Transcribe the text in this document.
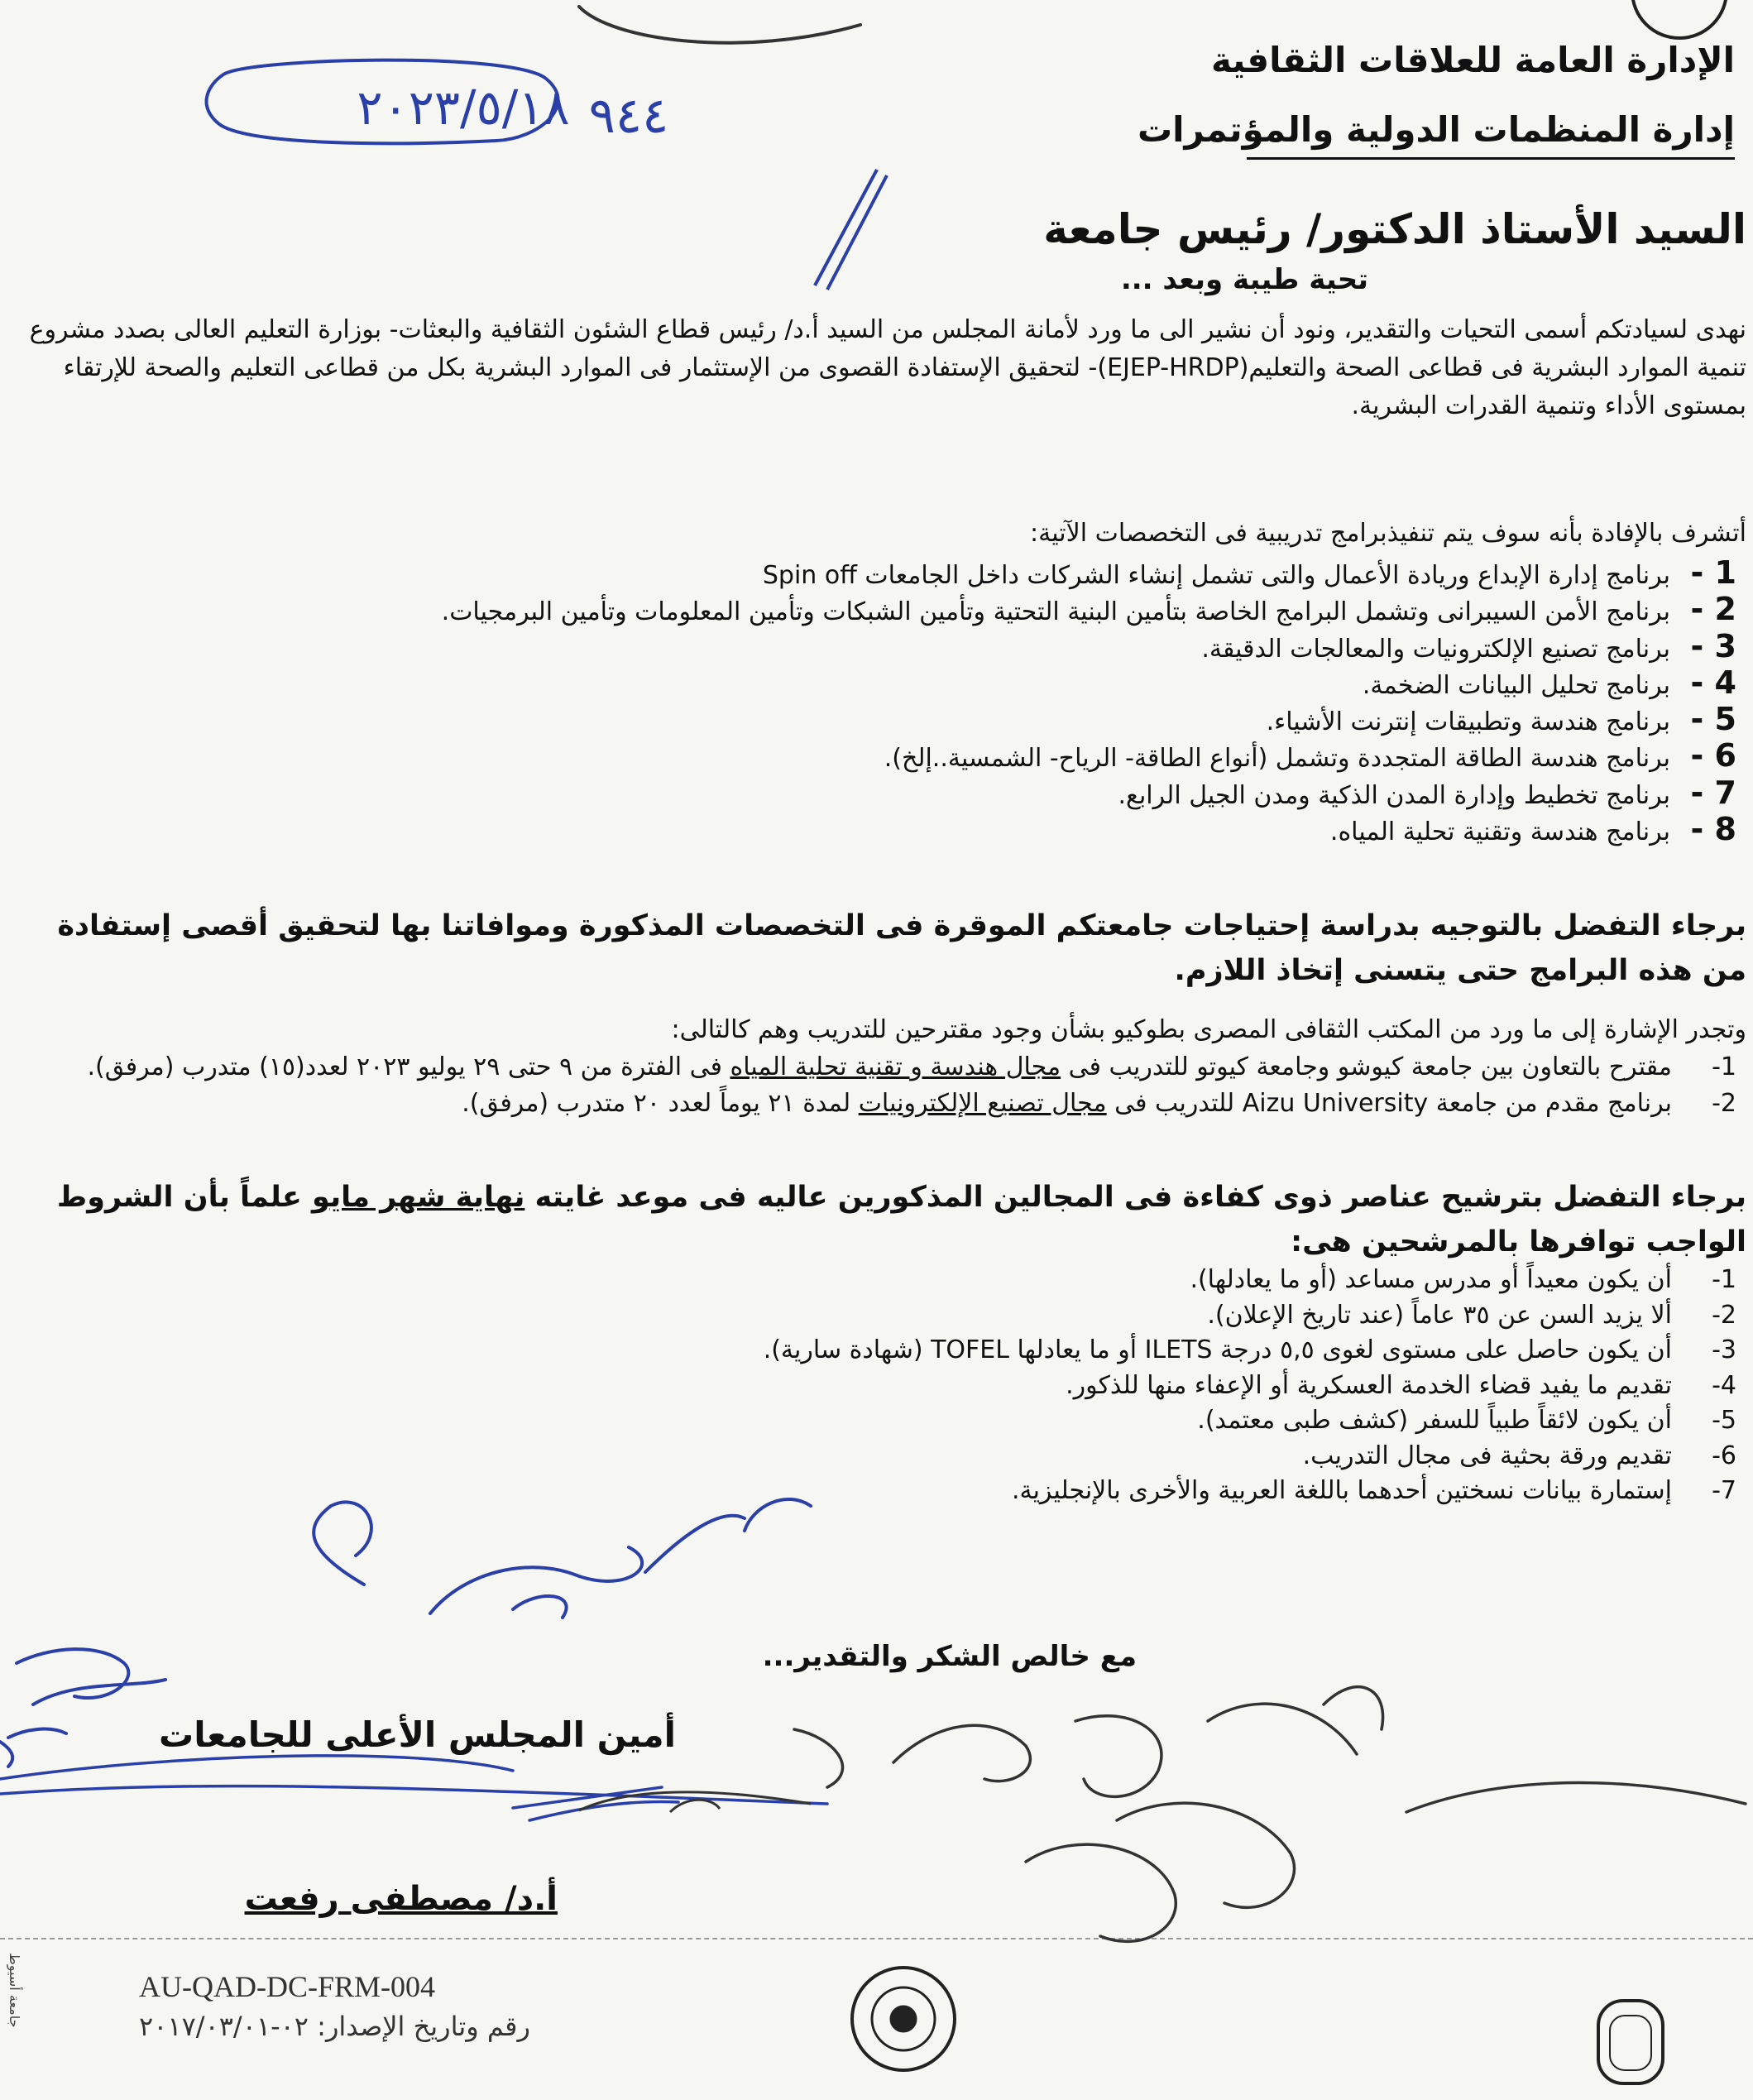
الإدارة العامة للعلاقات الثقافية
إدارة المنظمات الدولية والمؤتمرات
السيد الأستاذ الدكتور/ رئيس جامعة
تحية طيبة وبعد ...
نهدى لسيادتكم أسمى التحيات والتقدير، ونود أن نشير الى ما ورد لأمانة المجلس من السيد أ.د/ رئيس قطاع الشئون الثقافية والبعثات- بوزارة التعليم العالى بصدد مشروع تنمية الموارد البشرية فى قطاعى الصحة والتعليم(EJEP-HRDP)- لتحقيق الإستفادة القصوى من الإستثمار فى الموارد البشرية بكل من قطاعى التعليم والصحة للإرتقاء بمستوى الأداء وتنمية القدرات البشرية.
أتشرف بالإفادة بأنه سوف يتم تنفيذبرامج تدريبية فى التخصصات الآتية:
1 -برنامج إدارة الإبداع وريادة الأعمال والتى تشمل إنشاء الشركات داخل الجامعات Spin off
2 -برنامج الأمن السيبرانى وتشمل البرامج الخاصة بتأمين البنية التحتية وتأمين الشبكات وتأمين المعلومات وتأمين البرمجيات.
3 -برنامج تصنيع الإلكترونيات والمعالجات الدقيقة.
4 -برنامج تحليل البيانات الضخمة.
5 -برنامج هندسة وتطبيقات إنترنت الأشياء.
6 -برنامج هندسة الطاقة المتجددة وتشمل (أنواع الطاقة- الرياح- الشمسية..إلخ).
7 -برنامج تخطيط وإدارة المدن الذكية ومدن الجيل الرابع.
8 -برنامج هندسة وتقنية تحلية المياه.
برجاء التفضل بالتوجيه بدراسة إحتياجات جامعتكم الموقرة فى التخصصات المذكورة وموافاتنا بها لتحقيق أقصى إستفادة من هذه البرامج حتى يتسنى إتخاذ اللازم.
وتجدر الإشارة إلى ما ورد من المكتب الثقافى المصرى بطوكيو بشأن وجود مقترحين للتدريب وهم كالتالى:
1-مقترح بالتعاون بين جامعة كيوشو وجامعة كيوتو للتدريب فى مجال هندسة و تقنية تحلية المياه فى الفترة من ٩ حتى ٢٩ يوليو ٢٠٢٣ لعدد(١٥) متدرب (مرفق).
2-برنامج مقدم من جامعة Aizu University للتدريب فى مجال تصنيع الإلكترونيات لمدة ٢١ يوماً لعدد ٢٠ متدرب (مرفق).
برجاء التفضل بترشيح عناصر ذوى كفاءة فى المجالين المذكورين عاليه فى موعد غايته نهاية شهر مايو علماً بأن الشروط الواجب توافرها بالمرشحين هى:
1-أن يكون معيداً أو مدرس مساعد (أو ما يعادلها).
2-ألا يزيد السن عن ٣٥ عاماً (عند تاريخ الإعلان).
3-أن يكون حاصل على مستوى لغوى ٥,٥ درجة ILETS أو ما يعادلها TOFEL (شهادة سارية).
4-تقديم ما يفيد قضاء الخدمة العسكرية أو الإعفاء منها للذكور.
5-أن يكون لائقاً طبياً للسفر (كشف طبى معتمد).
6-تقديم ورقة بحثية فى مجال التدريب.
7-إستمارة بيانات نسختين أحدهما باللغة العربية والأخرى بالإنجليزية.
مع خالص الشكر والتقدير...
أمين المجلس الأعلى للجامعات
أ.د/ مصطفى رفعت
جامعة أسيوط	AU-QAD-DC-FRM-004
رقم وتاريخ الإصدار: ٠٢-٢٠١٧/٠٣/٠١
٢٠٢٣/٥/١٨ ٩٤٤
